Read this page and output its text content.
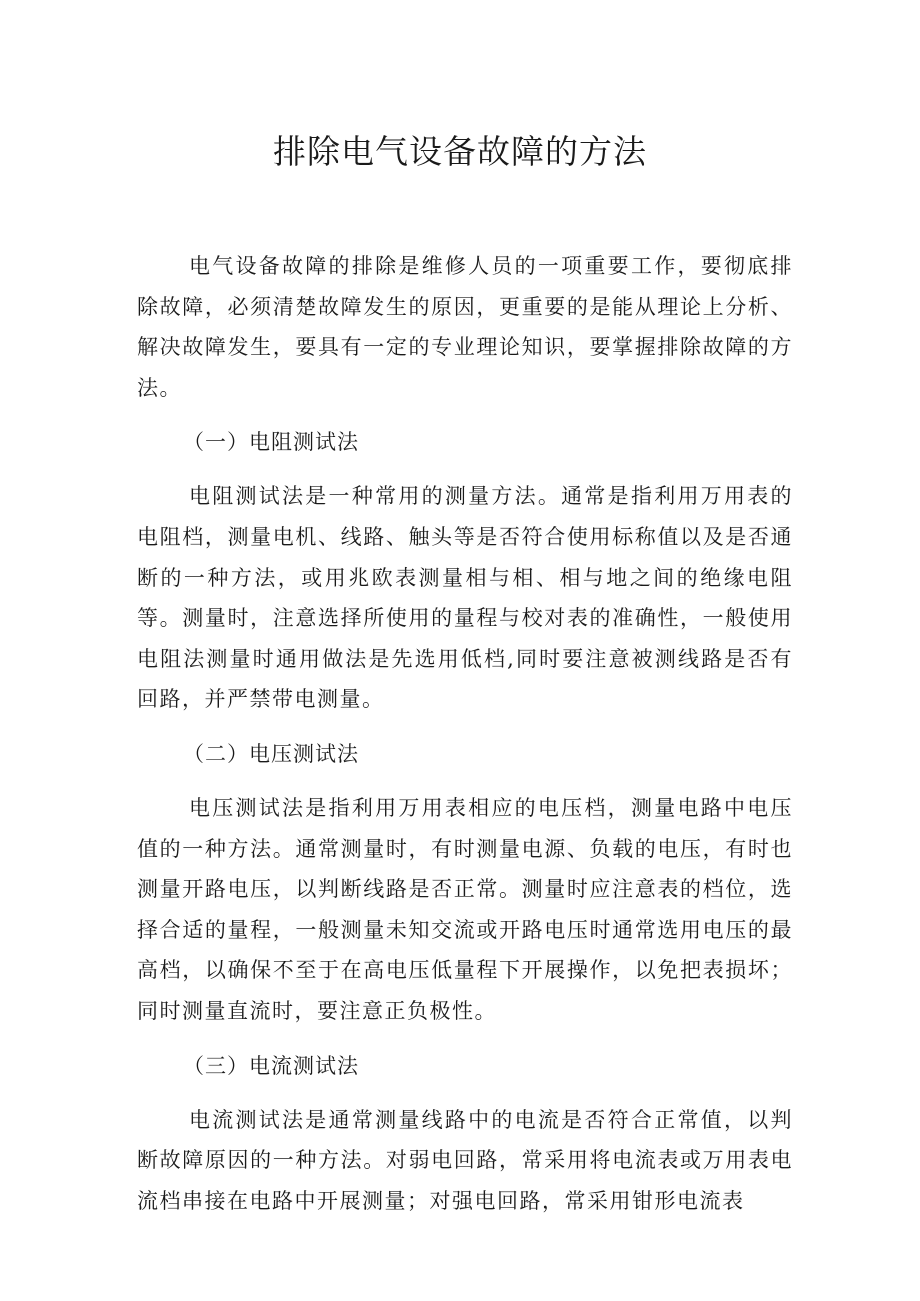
排除电气设备故障的方法

电气设备故障的排除是维修人员的一项重要工作，要彻底排除故障，必须清楚故障发生的原因，更重要的是能从理论上分析、解决故障发生，要具有一定的专业理论知识，要掌握排除故障的方法。

（一）电阻测试法

电阻测试法是一种常用的测量方法。通常是指利用万用表的电阻档，测量电机、线路、触头等是否符合使用标称值以及是否通断的一种方法，或用兆欧表测量相与相、相与地之间的绝缘电阻等。测量时，注意选择所使用的量程与校对表的准确性，一般使用电阻法测量时通用做法是先选用低档,同时要注意被测线路是否有回路，并严禁带电测量。

（二）电压测试法

电压测试法是指利用万用表相应的电压档，测量电路中电压值的一种方法。通常测量时，有时测量电源、负载的电压，有时也测量开路电压，以判断线路是否正常。测量时应注意表的档位，选择合适的量程，一般测量未知交流或开路电压时通常选用电压的最高档，以确保不至于在高电压低量程下开展操作，以免把表损坏；同时测量直流时，要注意正负极性。

（三）电流测试法

电流测试法是通常测量线路中的电流是否符合正常值，以判断故障原因的一种方法。对弱电回路，常采用将电流表或万用表电流档串接在电路中开展测量；对强电回路，常采用钳形电流表
